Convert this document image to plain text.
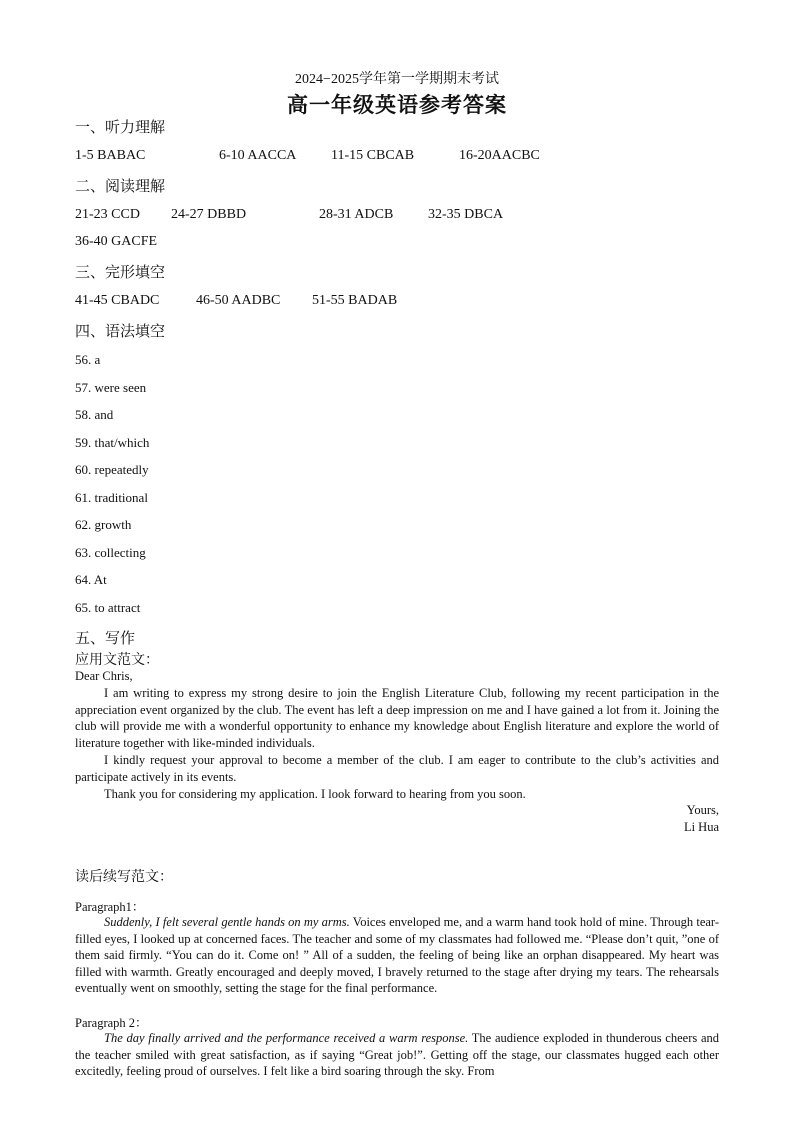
2024−2025学年第一学期期末考试
高一年级英语参考答案
一、听力理解
1-5 BABAC	6-10 AACCA 11-15 CBCAB	16-20AACBC
二、阅读理解
21-23 CCD 24-27 DBBD	28-31 ADCB 32-35 DBCA
36-40 GACFE
三、完形填空
41-45 CBADC	46-50 AADBC 51-55 BADAB
四、语法填空
56. a
57. were seen
58. and
59. that/which
60. repeatedly
61. traditional
62. growth
63. collecting
64. At
65. to attract
五、写作
应用文范文：
Dear Chris,

I am writing to express my strong desire to join the English Literature Club, following my recent participation in the appreciation event organized by the club. The event has left a deep impression on me and I have gained a lot from it. Joining the club will provide me with a wonderful opportunity to enhance my knowledge about English literature and explore the world of literature together with like-minded individuals.

I kindly request your approval to become a member of the club. I am eager to contribute to the club’s activities and participate actively in its events.

Thank you for considering my application. I look forward to hearing from you soon.

Yours,
Li Hua
读后续写范文：
Paragraph1：

Suddenly, I felt several gentle hands on my arms. Voices enveloped me, and a warm hand took hold of mine. Through tear-filled eyes, I looked up at concerned faces. The teacher and some of my classmates had followed me. “Please don’t quit, ”one of them said firmly. “You can do it. Come on! ” All of a sudden, the feeling of being like an orphan disappeared. My heart was filled with warmth. Greatly encouraged and deeply moved, I bravely returned to the stage after drying my tears. The rehearsals eventually went on smoothly, setting the stage for the final performance.

Paragraph 2：

The day finally arrived and the performance received a warm response. The audience exploded in thunderous cheers and the teacher smiled with great satisfaction, as if saying “Great job!”. Getting off the stage, our classmates hugged each other excitedly, feeling proud of ourselves. I felt like a bird soaring through the sky. From
